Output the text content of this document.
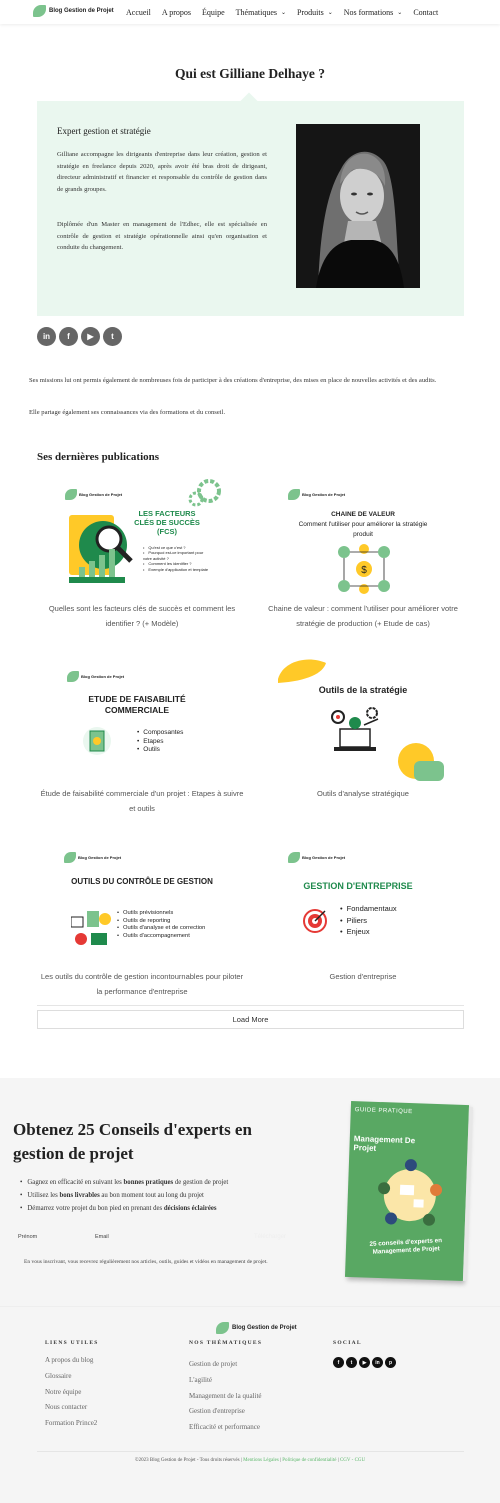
Blog Gestion de Projet Accueil A propos Équipe Thématiques ⌄ Produits ⌄ Nos formations ⌄ Contact
Qui est Gilliane Delhaye ?
Expert gestion et stratégie

Gilliane accompagne les dirigeants d'entreprise dans leur création, gestion et stratégie en freelance depuis 2020, après avoir été bras droit de dirigeant, directeur administratif et financier et responsable du contrôle de gestion dans de grands groupes.

Diplômée d'un Master en management de l'Edhec, elle est spécialisée en contrôle de gestion et stratégie opérationnelle ainsi qu'en organisation et conduite du changement.

in	f	▶	t

Ses missions lui ont permis également de nombreuses fois de participer à des créations d'entreprise, des mises en place de nouvelles activités et des audits.

Elle partage également ses connaissances via des formations et du conseil.

Ses dernières publications
Blog Gestion de Projet
LES FACTEURS CLÉS DE SUCCÈS (FCS)
• Qu'est ce que c'est ?
• Pourquoi est-ce important pour votre activité ?
• Comment les identifier ?
• Exemple d'application et template
Quelles sont les facteurs clés de succès et comment les identifier ? (+ Modèle)
Blog Gestion de Projet
CHAINE DE VALEUR
Comment l'utiliser pour améliorer la stratégie produit
$
Chaine de valeur : comment l'utiliser pour améliorer votre stratégie de production (+ Etude de cas)
Blog Gestion de Projet
ETUDE DE FAISABILITÉ COMMERCIALE
• Composantes
• Etapes
• Outils
Étude de faisabilité commerciale d'un projet : Etapes à suivre et outils
Outils de la stratégie
Outils d'analyse stratégique
Blog Gestion de Projet
OUTILS DU CONTRÔLE DE GESTION
• Outils prévisionnels
• Outils de reporting
• Outils d'analyse et de correction
• Outils d'accompagnement
Les outils du contrôle de gestion incontournables pour piloter la performance d'entreprise
Blog Gestion de Projet
GESTION D'ENTREPRISE
• Fondamentaux
• Piliers
• Enjeux
Gestion d'entreprise
Load More
Obtenez 25 Conseils d'experts en gestion de projet
• Gagnez en efficacité en suivant les bonnes pratiques de gestion de projet
• Utilisez les bons livrables au bon moment tout au long du projet
• Démarrez votre projet du bon pied en prenant des décisions éclairées
Prénom	Email	Télécharger

En vous inscrivant, vous recevrez régulièrement nos articles, outils, guides et vidéos en management de projet.

GUIDE PRATIQUE
Management De Projet
25 conseils d'experts en Management de Projet
Blog Gestion de Projet
LIENS UTILES
A propos du blog
Glossaire
Notre équipe
Nous contacter
Formation Prince2
NOS THÉMATIQUES
Gestion de projet
L'agilité
Management de la qualité
Gestion d'entreprise
Efficacité et performance
SOCIAL
f	t	▶	in	p
©2023 Blog Gestion de Projet - Tous droits réservés | Mentions Légales | Politique de confidentialité | CGV - CGU
